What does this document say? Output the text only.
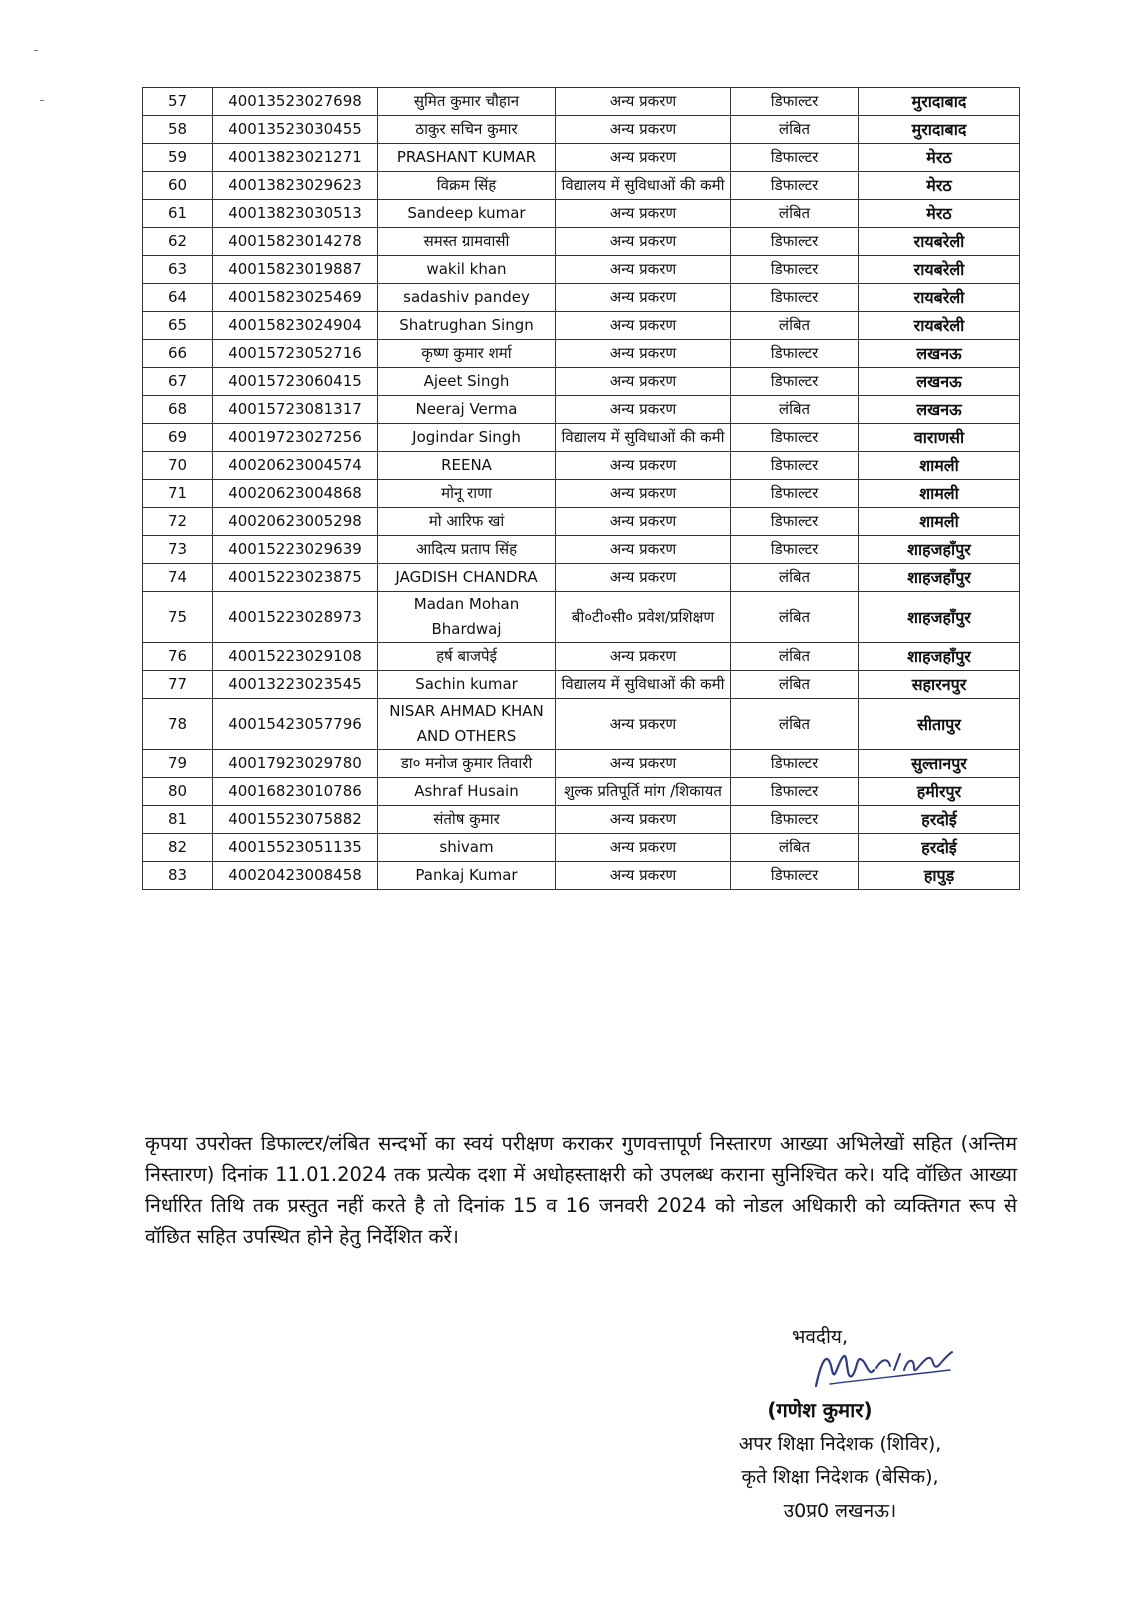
57	40013523027698	सुमित कुमार चौहान	अन्य प्रकरण	डिफाल्टर	मुरादाबाद
58	40013523030455	ठाकुर सचिन कुमार	अन्य प्रकरण	लंबित	मुरादाबाद
59	40013823021271	PRASHANT KUMAR	अन्य प्रकरण	डिफाल्टर	मेरठ
60	40013823029623	विक्रम सिंह	विद्यालय में सुविधाओं की कमी	डिफाल्टर	मेरठ
61	40013823030513	Sandeep kumar	अन्य प्रकरण	लंबित	मेरठ
62	40015823014278	समस्त ग्रामवासी	अन्य प्रकरण	डिफाल्टर	रायबरेली
63	40015823019887	wakil khan	अन्य प्रकरण	डिफाल्टर	रायबरेली
64	40015823025469	sadashiv pandey	अन्य प्रकरण	डिफाल्टर	रायबरेली
65	40015823024904	Shatrughan Singn	अन्य प्रकरण	लंबित	रायबरेली
66	40015723052716	कृष्ण कुमार शर्मा	अन्य प्रकरण	डिफाल्टर	लखनऊ
67	40015723060415	Ajeet Singh	अन्य प्रकरण	डिफाल्टर	लखनऊ
68	40015723081317	Neeraj Verma	अन्य प्रकरण	लंबित	लखनऊ
69	40019723027256	Jogindar Singh	विद्यालय में सुविधाओं की कमी	डिफाल्टर	वाराणसी
70	40020623004574	REENA	अन्य प्रकरण	डिफाल्टर	शामली
71	40020623004868	मोनू राणा	अन्य प्रकरण	डिफाल्टर	शामली
72	40020623005298	मो आरिफ खां	अन्य प्रकरण	डिफाल्टर	शामली
73	40015223029639	आदित्य प्रताप सिंह	अन्य प्रकरण	डिफाल्टर	शाहजहाँपुर
74	40015223023875	JAGDISH CHANDRA	अन्य प्रकरण	लंबित	शाहजहाँपुर
75	40015223028973	Madan Mohan Bhardwaj	बी०टी०सी० प्रवेश/प्रशिक्षण	लंबित	शाहजहाँपुर
76	40015223029108	हर्ष बाजपेई	अन्य प्रकरण	लंबित	शाहजहाँपुर
77	40013223023545	Sachin kumar	विद्यालय में सुविधाओं की कमी	लंबित	सहारनपुर
78	40015423057796	NISAR AHMAD KHAN AND OTHERS	अन्य प्रकरण	लंबित	सीतापुर
79	40017923029780	डा० मनोज कुमार तिवारी	अन्य प्रकरण	डिफाल्टर	सुल्तानपुर
80	40016823010786	Ashraf Husain	शुल्क प्रतिपूर्ति मांग /शिकायत	डिफाल्टर	हमीरपुर
81	40015523075882	संतोष कुमार	अन्य प्रकरण	डिफाल्टर	हरदोई
82	40015523051135	shivam	अन्य प्रकरण	लंबित	हरदोई
83	40020423008458	Pankaj Kumar	अन्य प्रकरण	डिफाल्टर	हापुड़

कृपया उपरोक्त डिफाल्टर/लंबित सन्दर्भो का स्वयं परीक्षण कराकर गुणवत्तापूर्ण निस्तारण आख्या अभिलेखों सहित (अन्तिम निस्तारण) दिनांक 11.01.2024 तक प्रत्येक दशा में अधोहस्ताक्षरी को उपलब्ध कराना सुनिश्चित करे। यदि वॉछित आख्या निर्धारित तिथि तक प्रस्तुत नहीं करते है तो दिनांक 15 व 16 जनवरी 2024 को नोडल अधिकारी को व्यक्तिगत रूप से वॉछित सहित उपस्थित होने हेतु निर्देशित करें।

भवदीय,
(गणेश कुमार)
अपर शिक्षा निदेशक (शिविर),
कृते शिक्षा निदेशक (बेसिक),
उ0प्र0 लखनऊ।
